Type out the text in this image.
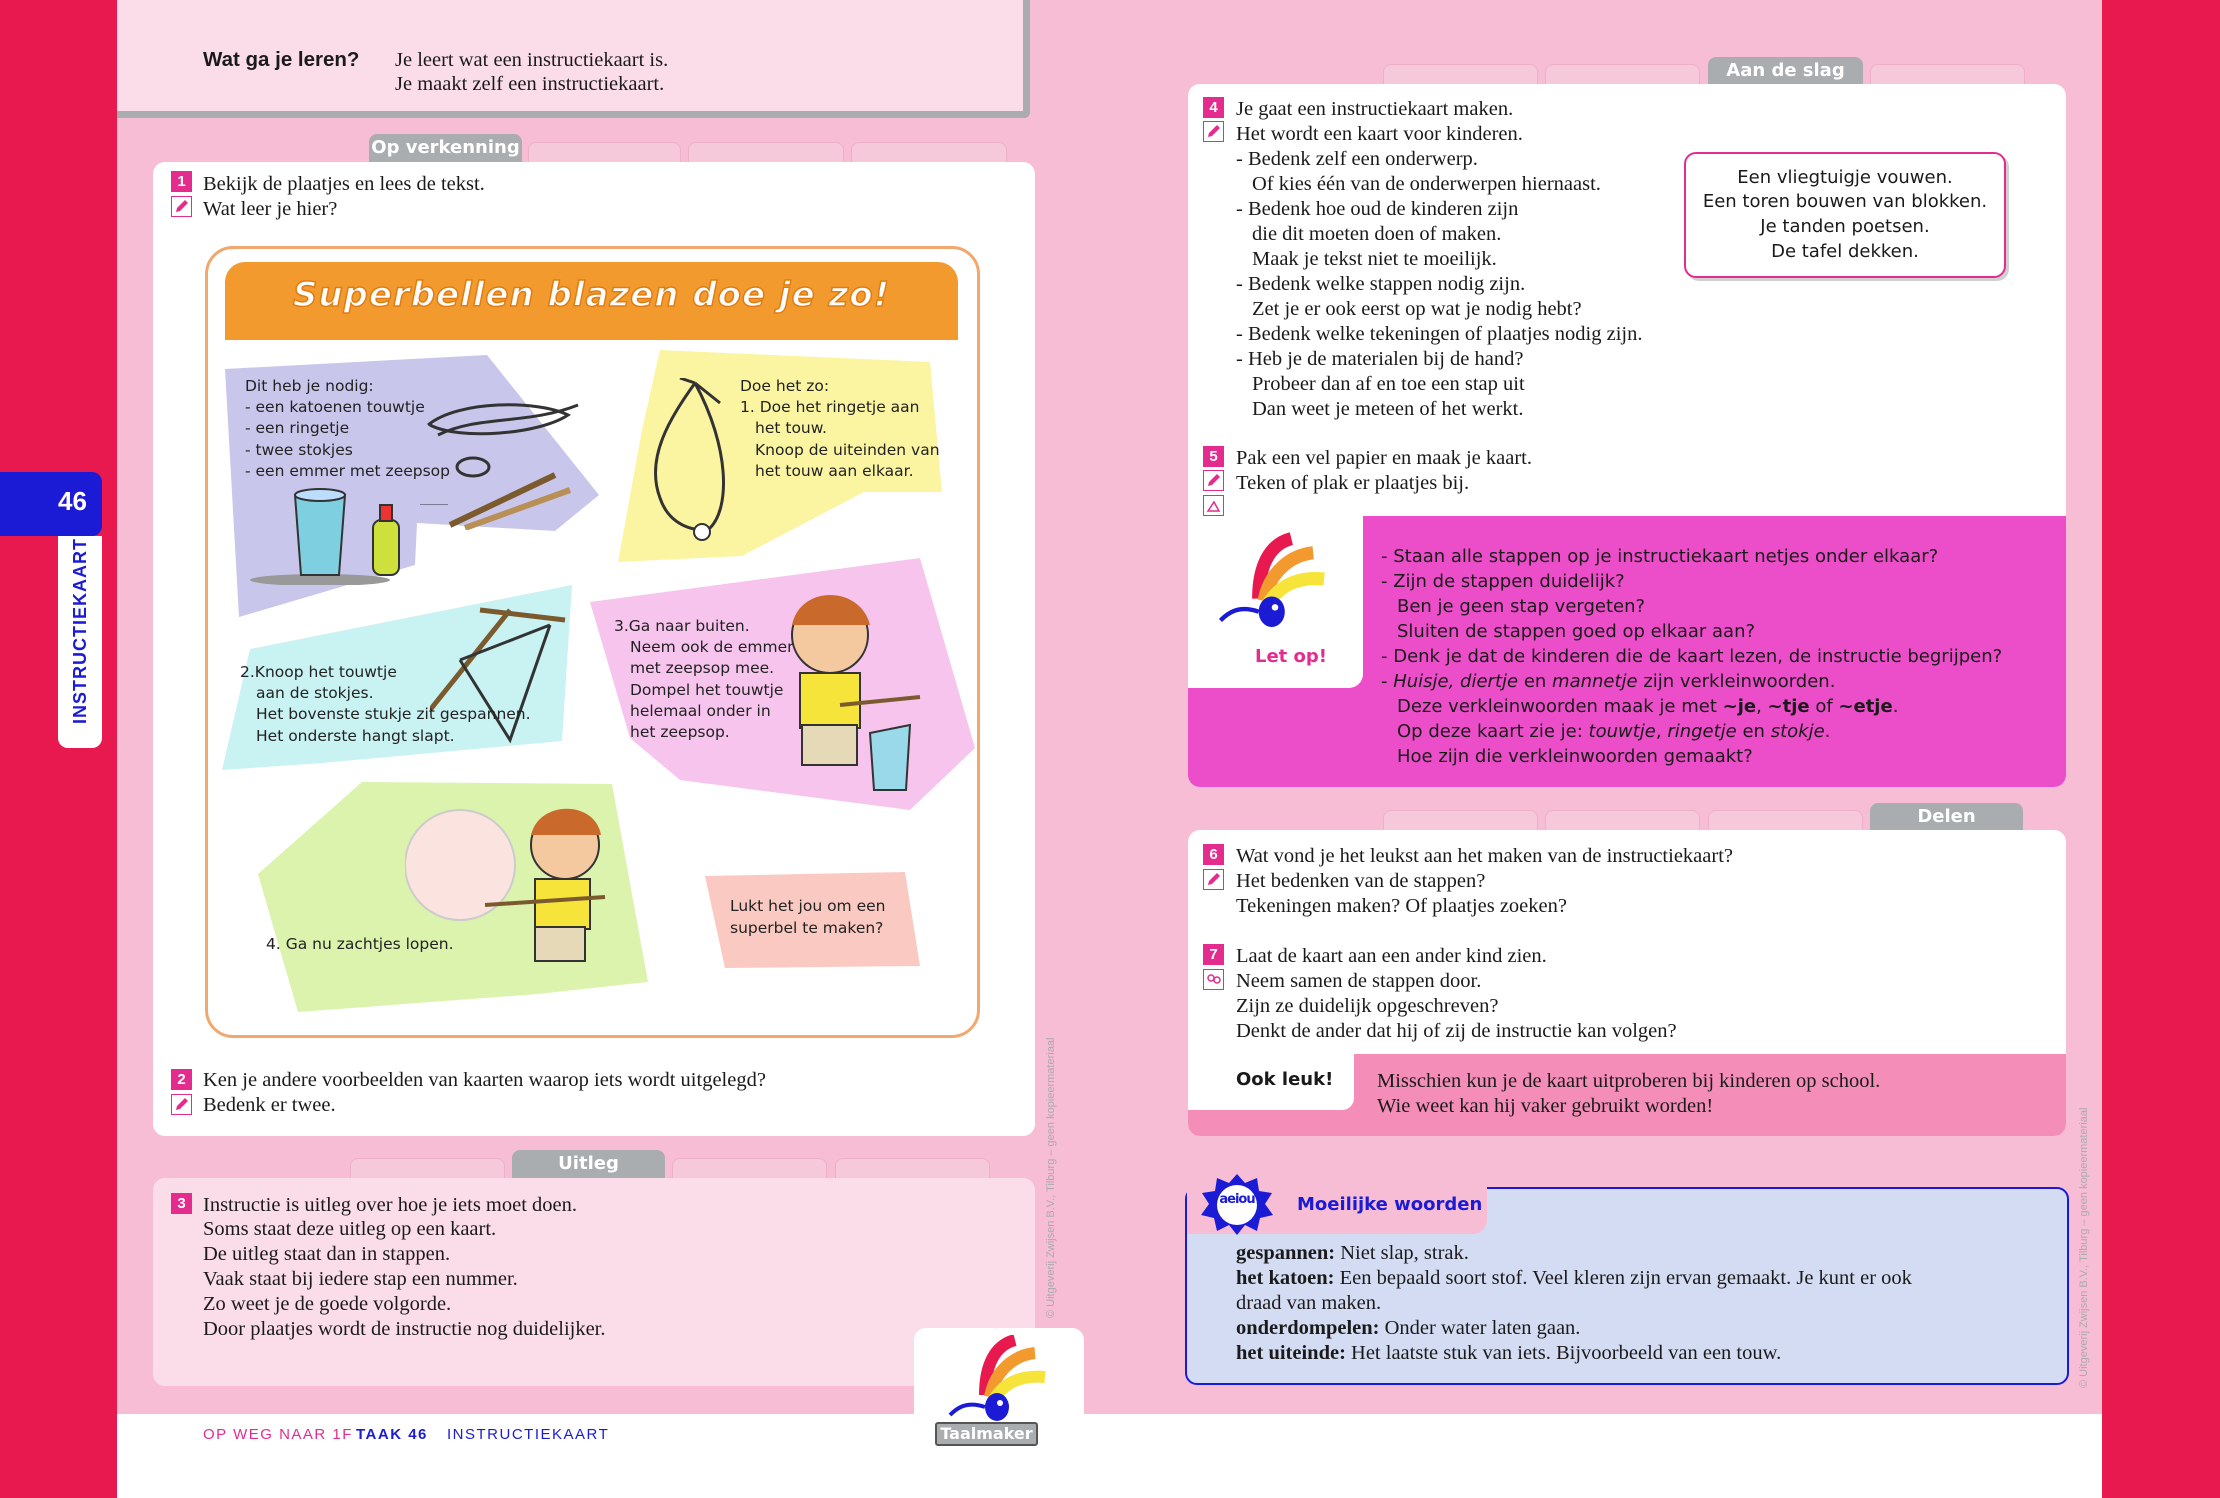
46
INSTRUCTIEKAART
Wat ga je leren? Je leert wat een instructiekaart is.
Je maakt zelf een instructiekaart.
Op verkenning
1 Bekijk de plaatjes en lees de tekst.
Wat leer je hier?
Superbellen blazen doe je zo!
Dit heb je nodig:
- een katoenen touwtje
- een ringetje
- twee stokjes
- een emmer met zeepsop
Doe het zo:
1. Doe het ringetje aan
het touw.
Knoop de uiteinden van
het touw aan elkaar.
2.Knoop het touwtje
aan de stokjes.
Het bovenste stukje zit gespannen.
Het onderste hangt slapt.
3.Ga naar buiten.
Neem ook de emmer
met zeepsop mee.
Dompel het touwtje
helemaal onder in
het zeepsop.
4. Ga nu zachtjes lopen.
Lukt het jou om een
superbel te maken?
2 Ken je andere voorbeelden van kaarten waarop iets wordt uitgelegd?
Bedenk er twee.
Uitleg
3 Instructie is uitleg over hoe je iets moet doen.
Soms staat deze uitleg op een kaart.
De uitleg staat dan in stappen.
Vaak staat bij iedere stap een nummer.
Zo weet je de goede volgorde.
Door plaatjes wordt de instructie nog duidelijker.
© Uitgeverij Zwijsen B.V., Tilburg – geen kopieermateriaal	© Uitgeverij Zwijsen B.V., Tilburg – geen kopieermateriaal
OP WEG NAAR 1F TAAK 46 INSTRUCTIEKAART	Taalmaker
Aan de slag
4 Je gaat een instructiekaart maken.
Het wordt een kaart voor kinderen.
- Bedenk zelf een onderwerp.
Of kies één van de onderwerpen hiernaast.
- Bedenk hoe oud de kinderen zijn
die dit moeten doen of maken.
Maak je tekst niet te moeilijk.
- Bedenk welke stappen nodig zijn.
Zet je er ook eerst op wat je nodig hebt?
- Bedenk welke tekeningen of plaatjes nodig zijn.
- Heb je de materialen bij de hand?
Probeer dan af en toe een stap uit
Dan weet je meteen of het werkt.
Een vliegtuigje vouwen.
Een toren bouwen van blokken.
Je tanden poetsen.
De tafel dekken.
5 Pak een vel papier en maak je kaart.
Teken of plak er plaatjes bij.
Let op!
- Staan alle stappen op je instructiekaart netjes onder elkaar?
- Zijn de stappen duidelijk?
Ben je geen stap vergeten?
Sluiten de stappen goed op elkaar aan?
- Denk je dat de kinderen die de kaart lezen, de instructie begrijpen?
- Huisje, diertje en mannetje zijn verkleinwoorden.
Deze verkleinwoorden maak je met ~je, ~tje of ~etje.
Op deze kaart zie je: touwtje, ringetje en stokje.
Hoe zijn die verkleinwoorden gemaakt?
Delen
6 Wat vond je het leukst aan het maken van de instructiekaart?
Het bedenken van de stappen?
Tekeningen maken? Of plaatjes zoeken?
7 Laat de kaart aan een ander kind zien.
Neem samen de stappen door.
Zijn ze duidelijk opgeschreven?
Denkt de ander dat hij of zij de instructie kan volgen?
Ook leuk! Misschien kun je de kaart uitproberen bij kinderen op school.
Wie weet kan hij vaker gebruikt worden!
aeiou Moeilijke woorden
gespannen: Niet slap, strak.
het katoen: Een bepaald soort stof. Veel kleren zijn ervan gemaakt. Je kunt er ook
draad van maken.
onderdompelen: Onder water laten gaan.
het uiteinde: Het laatste stuk van iets. Bijvoorbeeld van een touw.
